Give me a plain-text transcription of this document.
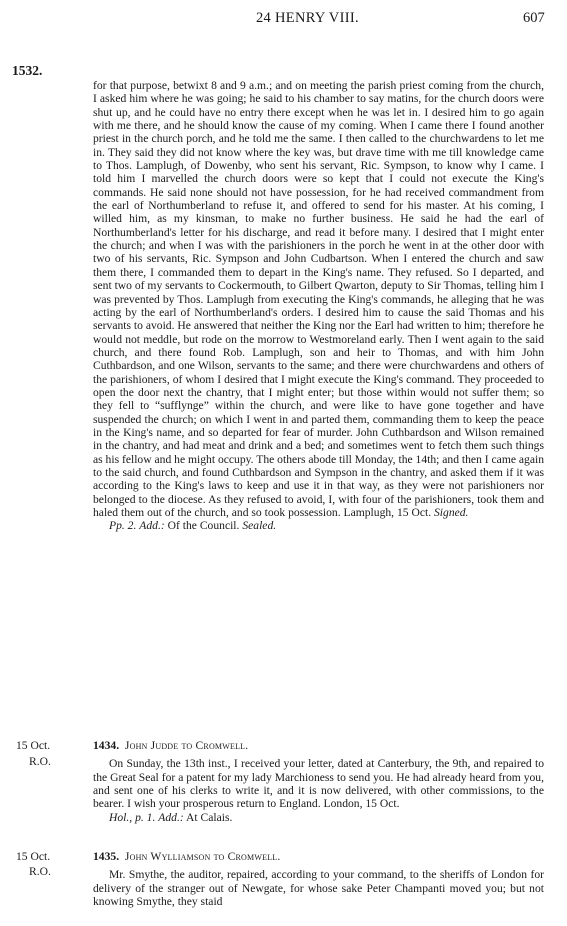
24 HENRY VIII.	607
1532.

for that purpose, betwixt 8 and 9 a.m.; and on meeting the parish priest coming from the church, I asked him where he was going; he said to his chamber to say matins, for the church doors were shut up, and he could have no entry there except when he was let in. I desired him to go again with me there, and he should know the cause of my coming. When I came there I found another priest in the church porch, and he told me the same. I then called to the churchwardens to let me in. They said they did not know where the key was, but drave time with me till knowledge came to Thos. Lamplugh, of Dowenby, who sent his servant, Ric. Sympson, to know why I came. I told him I marvelled the church doors were so kept that I could not execute the King's commands. He said none should not have possession, for he had received commandment from the earl of Northumberland to refuse it, and offered to send for his master. At his coming, I willed him, as my kinsman, to make no further business. He said he had the earl of Northumberland's letter for his discharge, and read it before many. I desired that I might enter the church; and when I was with the parishioners in the porch he went in at the other door with two of his servants, Ric. Sympson and John Cudbartson. When I entered the church and saw them there, I commanded them to depart in the King's name. They refused. So I departed, and sent two of my servants to Cockermouth, to Gilbert Qwarton, deputy to Sir Thomas, telling him I was prevented by Thos. Lamplugh from executing the King's commands, he alleging that he was acting by the earl of Northumberland's orders. I desired him to cause the said Thomas and his servants to avoid. He answered that neither the King nor the Earl had written to him; therefore he would not meddle, but rode on the morrow to Westmoreland early. Then I went again to the said church, and there found Rob. Lamplugh, son and heir to Thomas, and with him John Cuthbardson, and one Wilson, servants to the same; and there were churchwardens and others of the parishioners, of whom I desired that I might execute the King's command. They proceeded to open the door next the chantry, that I might enter; but those within would not suffer them; so they fell to “sufflynge” within the church, and were like to have gone together and have suspended the church; on which I went in and parted them, commanding them to keep the peace in the King's name, and so departed for fear of murder. John Cuthbardson and Wilson remained in the chantry, and had meat and drink and a bed; and sometimes went to fetch them such things as his fellow and he might occupy. The others abode till Monday, the 14th; and then I came again to the said church, and found Cuthbardson and Sympson in the chantry, and asked them if it was according to the King's laws to keep and use it in that way, as they were not parishioners nor belonged to the diocese. As they refused to avoid, I, with four of the parishioners, took them and haled them out of the church, and so took possession. Lamplugh, 15 Oct. Signed.

Pp. 2. Add.: Of the Council. Sealed.

15 Oct.
R.O.

1434. John Judde to Cromwell.

On Sunday, the 13th inst., I received your letter, dated at Canterbury, the 9th, and repaired to the Great Seal for a patent for my lady Marchioness to send you. He had already heard from you, and sent one of his clerks to write it, and it is now delivered, with other commissions, to the bearer. I wish your prosperous return to England. London, 15 Oct.

Hol., p. 1. Add.: At Calais.

15 Oct.
R.O.

1435. John Wylliamson to Cromwell.

Mr. Smythe, the auditor, repaired, according to your command, to the sheriffs of London for delivery of the stranger out of Newgate, for whose sake Peter Champanti moved you; but not knowing Smythe, they staid
